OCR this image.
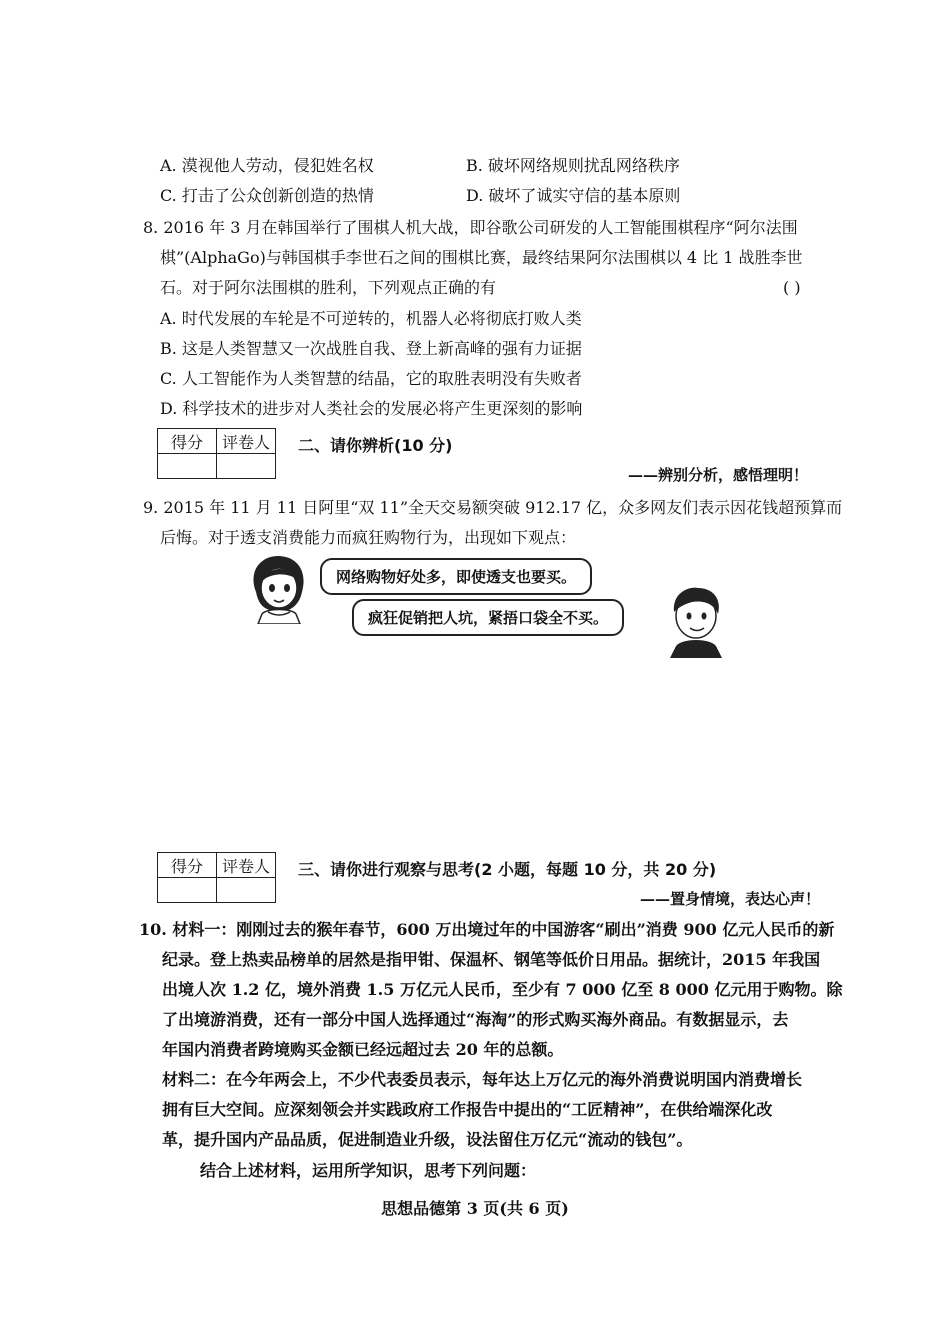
A. 漠视他人劳动，侵犯姓名权	B. 破坏网络规则扰乱网络秩序
C. 打击了公众创新创造的热情	D. 破坏了诚实守信的基本原则
8. 2016 年 3 月在韩国举行了围棋人机大战，即谷歌公司研发的人工智能围棋程序“阿尔法围
棋”(AlphaGo)与韩国棋手李世石之间的围棋比赛，最终结果阿尔法围棋以 4 比 1 战胜李世
石。对于阿尔法围棋的胜利，下列观点正确的有	( )
A. 时代发展的车轮是不可逆转的，机器人必将彻底打败人类
B. 这是人类智慧又一次战胜自我、登上新高峰的强有力证据
C. 人工智能作为人类智慧的结晶，它的取胜表明没有失败者
D. 科学技术的进步对人类社会的发展必将产生更深刻的影响
得分	评卷人
	二、请你辨析(10 分)
——辨别分析，感悟理明！
9. 2015 年 11 月 11 日阿里“双 11”全天交易额突破 912.17 亿，众多网友们表示因花钱超预算而
后悔。对于透支消费能力而疯狂购物行为，出现如下观点：
网络购物好处多，即使透支也要买。
疯狂促销把人坑，紧捂口袋全不买。
得分	评卷人
	三、请你进行观察与思考(2 小题，每题 10 分，共 20 分)
——置身情境，表达心声！
10. 材料一：刚刚过去的猴年春节，600 万出境过年的中国游客“刷出”消费 900 亿元人民币的新
纪录。登上热卖品榜单的居然是指甲钳、保温杯、钢笔等低价日用品。据统计，2015 年我国
出境人次 1.2 亿，境外消费 1.5 万亿元人民币，至少有 7 000 亿至 8 000 亿元用于购物。除
了出境游消费，还有一部分中国人选择通过“海淘”的形式购买海外商品。有数据显示，去
年国内消费者跨境购买金额已经远超过去 20 年的总额。
材料二：在今年两会上，不少代表委员表示，每年达上万亿元的海外消费说明国内消费增长
拥有巨大空间。应深刻领会并实践政府工作报告中提出的“工匠精神”，在供给端深化改
革，提升国内产品品质，促进制造业升级，设法留住万亿元“流动的钱包”。
结合上述材料，运用所学知识，思考下列问题：
思想品德第 3 页(共 6 页)
